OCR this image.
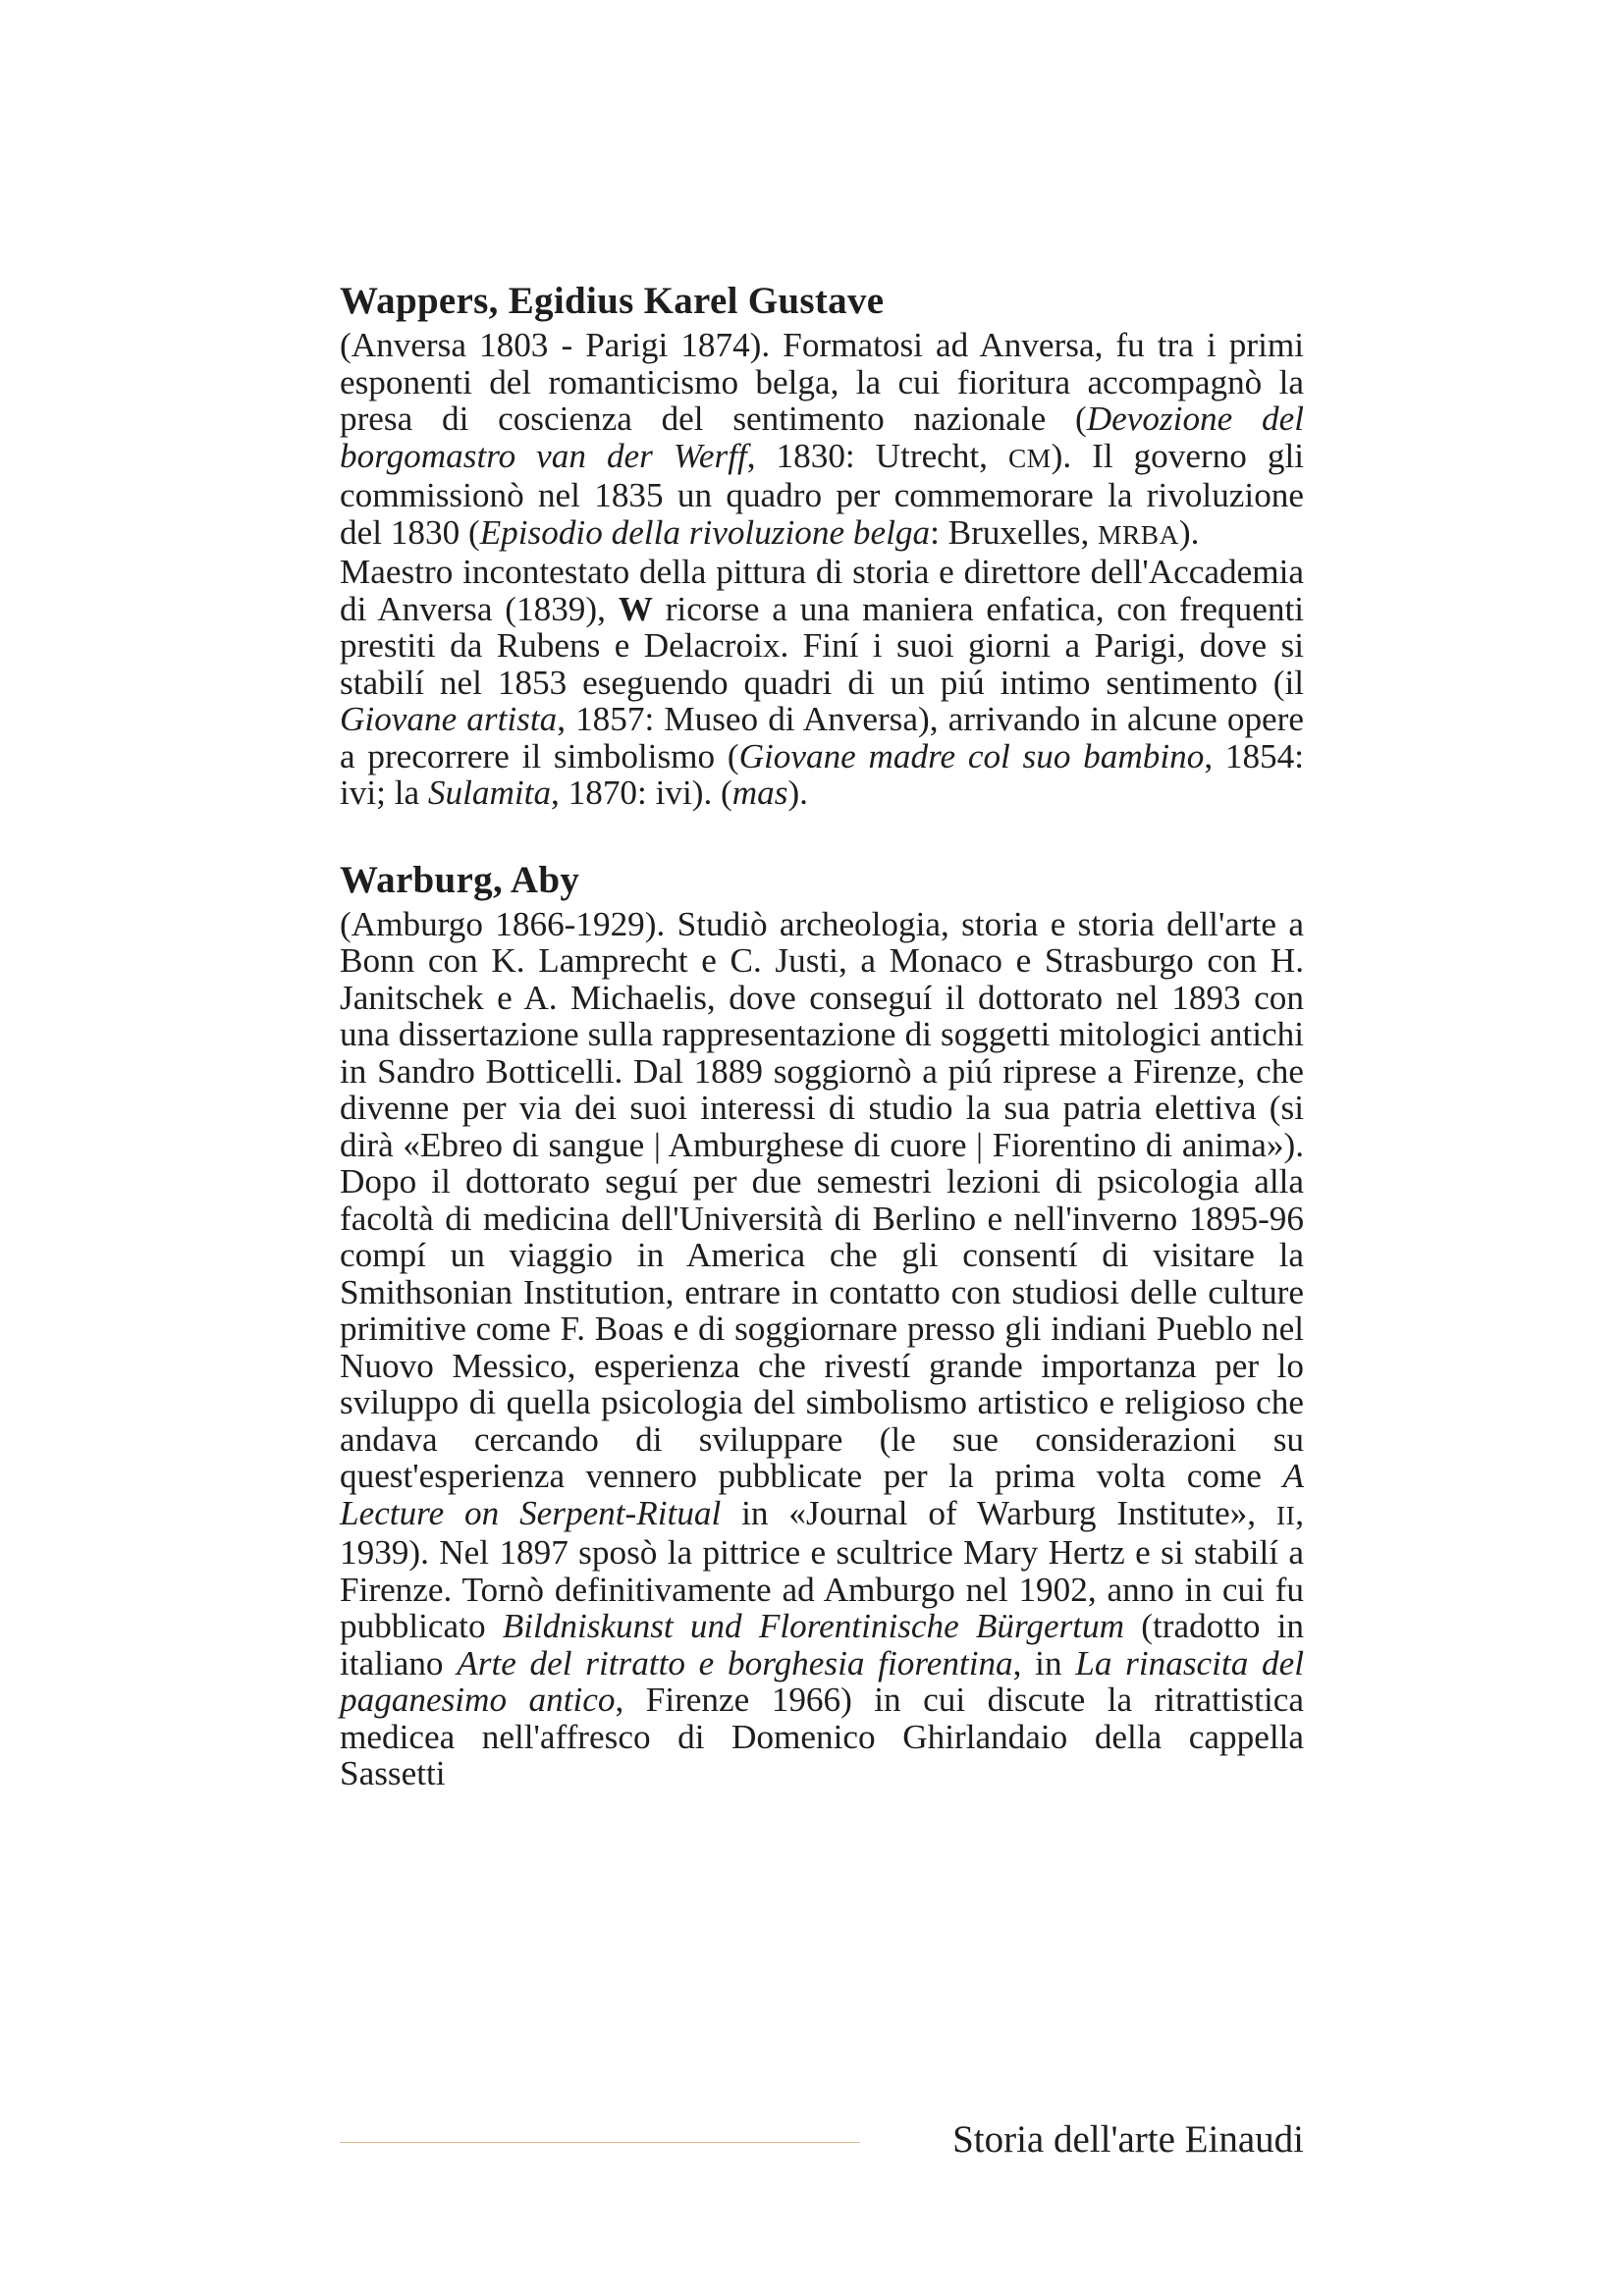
Wappers, Egidius Karel Gustave
(Anversa 1803 - Parigi 1874). Formatosi ad Anversa, fu tra i primi esponenti del romanticismo belga, la cui fioritura accompagnò la presa di coscienza del sentimento nazionale (Devozione del borgomastro van der Werff, 1830: Utrecht, CM). Il governo gli commissionò nel 1835 un quadro per commemorare la rivoluzione del 1830 (Episodio della rivoluzione belga: Bruxelles, MRBA).
Maestro incontestato della pittura di storia e direttore dell'Accademia di Anversa (1839), W ricorse a una maniera enfatica, con frequenti prestiti da Rubens e Delacroix. Finí i suoi giorni a Parigi, dove si stabilí nel 1853 eseguendo quadri di un piú intimo sentimento (il Giovane artista, 1857: Museo di Anversa), arrivando in alcune opere a precorrere il simbolismo (Giovane madre col suo bambino, 1854: ivi; la Sulamita, 1870: ivi). (mas).
Warburg, Aby
(Amburgo 1866-1929). Studiò archeologia, storia e storia dell'arte a Bonn con K. Lamprecht e C. Justi, a Monaco e Strasburgo con H. Janitschek e A. Michaelis, dove conseguí il dottorato nel 1893 con una dissertazione sulla rappresentazione di soggetti mitologici antichi in Sandro Botticelli. Dal 1889 soggiornò a piú riprese a Firenze, che divenne per via dei suoi interessi di studio la sua patria elettiva (si dirà «Ebreo di sangue | Amburghese di cuore | Fiorentino di anima»). Dopo il dottorato seguí per due semestri lezioni di psicologia alla facoltà di medicina dell'Università di Berlino e nell'inverno 1895-96 compí un viaggio in America che gli consentí di visitare la Smithsonian Institution, entrare in contatto con studiosi delle culture primitive come F. Boas e di soggiornare presso gli indiani Pueblo nel Nuovo Messico, esperienza che rivestí grande importanza per lo sviluppo di quella psicologia del simbolismo artistico e religioso che andava cercando di sviluppare (le sue considerazioni su quest'esperienza vennero pubblicate per la prima volta come A Lecture on Serpent-Ritual in «Journal of Warburg Institute», II, 1939). Nel 1897 sposò la pittrice e scultrice Mary Hertz e si stabilí a Firenze. Tornò definitivamente ad Amburgo nel 1902, anno in cui fu pubblicato Bildniskunst und Florentinische Bürgertum (tradotto in italiano Arte del ritratto e borghesia fiorentina, in La rinascita del paganesimo antico, Firenze 1966) in cui discute la ritrattistica medicea nell'affresco di Domenico Ghirlandaio della cappella Sassetti
Storia dell'arte Einaudi
